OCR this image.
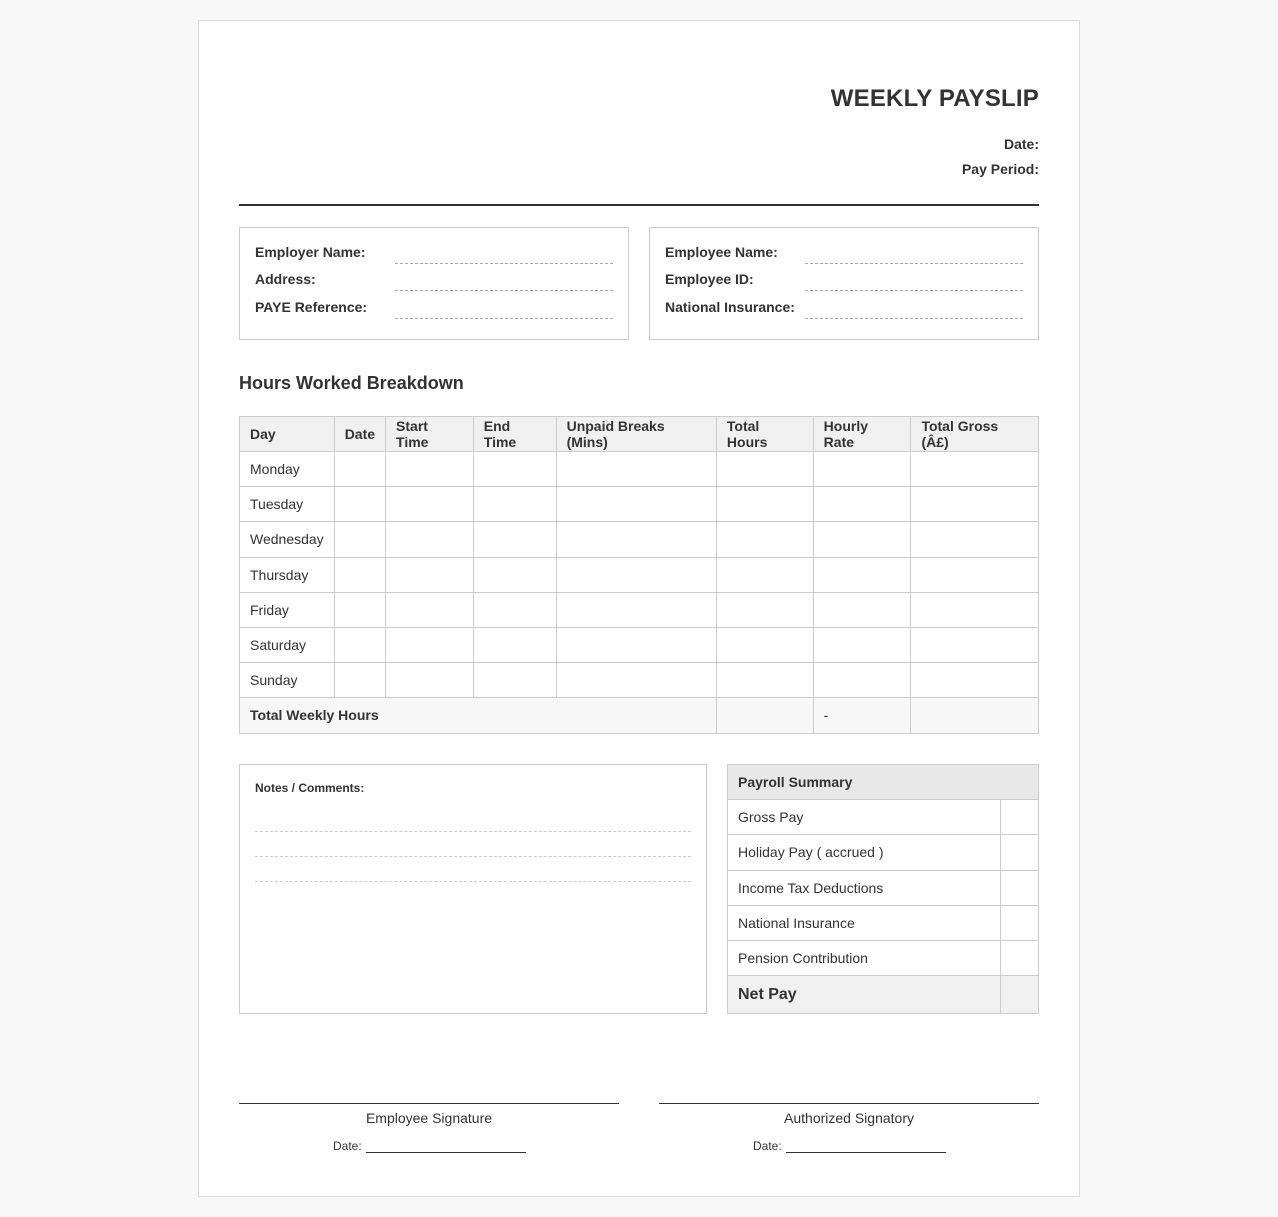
WEEKLY PAYSLIP
Date:
Pay Period:
Employer Name:
Address:
PAYE Reference:
Employee Name:
Employee ID:
National Insurance:
Hours Worked Breakdown
Day	Date	Start Time	End Time	Unpaid Breaks (Mins)	Total Hours	Hourly Rate	Total Gross (Â£)
Monday							
Tuesday							
Wednesday							
Thursday							
Friday							
Saturday							
Sunday							
Total Weekly Hours						-	
Notes / Comments:	Payroll Summary	
Gross Pay	
Holiday Pay ( accrued )	
Income Tax Deductions	
National Insurance	
Pension Contribution	
Net Pay	
Employee Signature
Date:
Authorized Signatory
Date:
